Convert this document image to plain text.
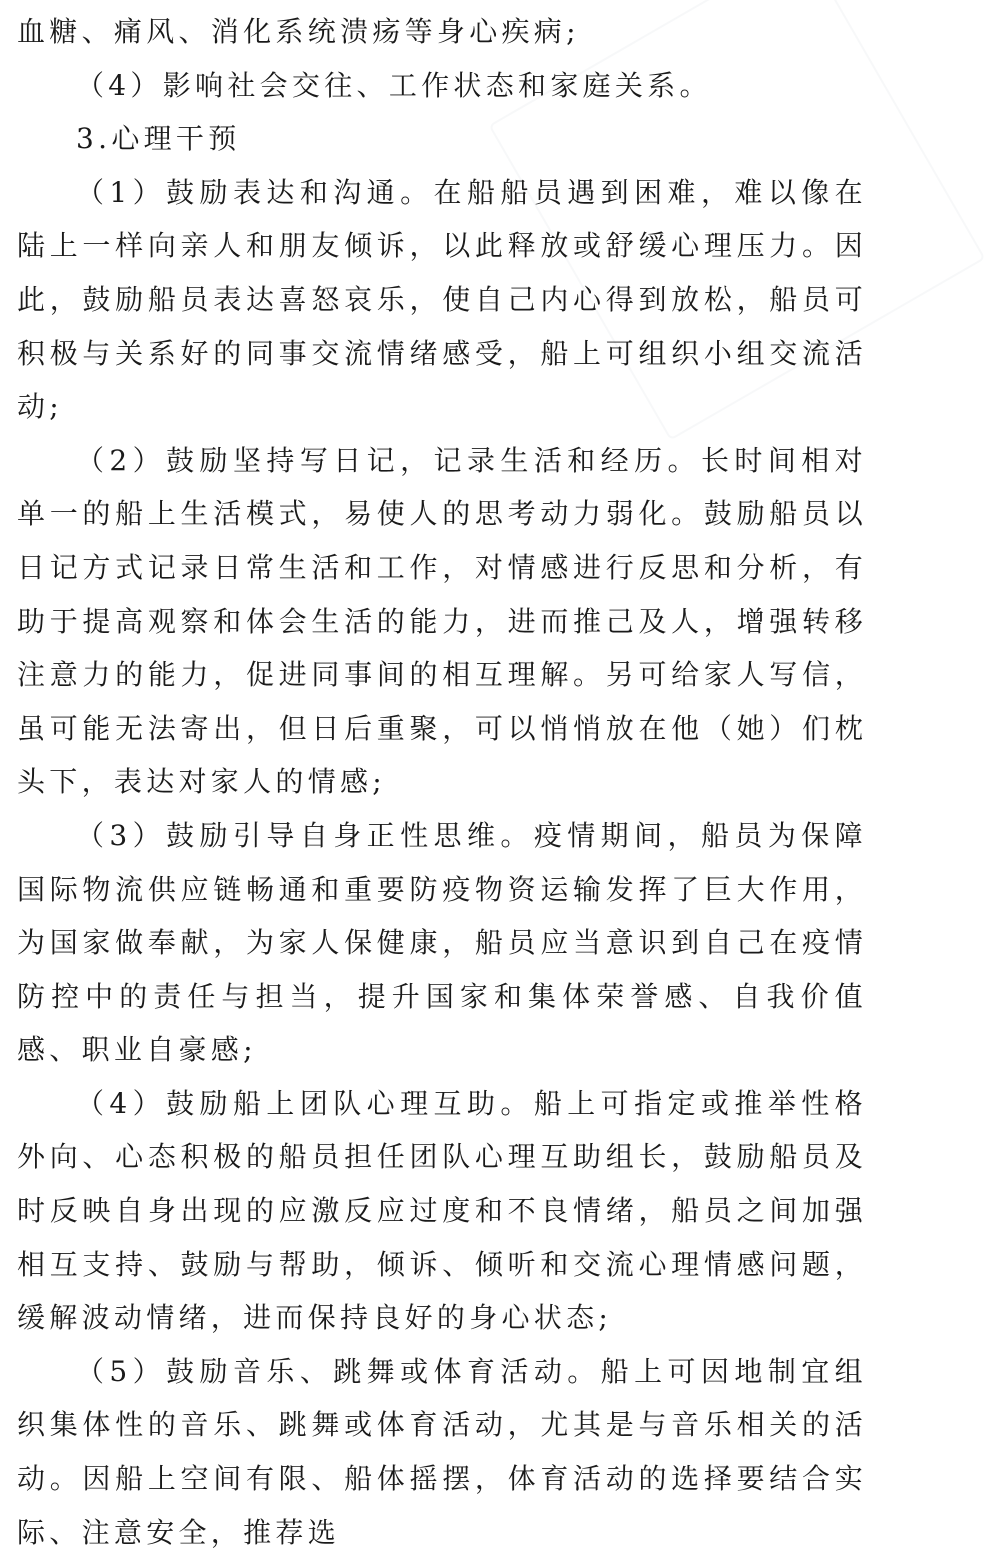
血糖、痛风、消化系统溃疡等身心疾病;

（4）影响社会交往、工作状态和家庭关系。

3.心理干预

（1）鼓励表达和沟通。在船船员遇到困难，难以像在陆上一样向亲人和朋友倾诉，以此释放或舒缓心理压力。因此，鼓励船员表达喜怒哀乐，使自己内心得到放松，船员可积极与关系好的同事交流情绪感受，船上可组织小组交流活动;

（2）鼓励坚持写日记，记录生活和经历。长时间相对单一的船上生活模式，易使人的思考动力弱化。鼓励船员以日记方式记录日常生活和工作，对情感进行反思和分析，有助于提高观察和体会生活的能力，进而推己及人，增强转移注意力的能力，促进同事间的相互理解。另可给家人写信，虽可能无法寄出，但日后重聚，可以悄悄放在他（她）们枕头下，表达对家人的情感;

（3）鼓励引导自身正性思维。疫情期间，船员为保障国际物流供应链畅通和重要防疫物资运输发挥了巨大作用，为国家做奉献，为家人保健康，船员应当意识到自己在疫情防控中的责任与担当，提升国家和集体荣誉感、自我价值感、职业自豪感;

（4）鼓励船上团队心理互助。船上可指定或推举性格外向、心态积极的船员担任团队心理互助组长，鼓励船员及时反映自身出现的应激反应过度和不良情绪，船员之间加强相互支持、鼓励与帮助，倾诉、倾听和交流心理情感问题，缓解波动情绪，进而保持良好的身心状态;

（5）鼓励音乐、跳舞或体育活动。船上可因地制宜组织集体性的音乐、跳舞或体育活动，尤其是与音乐相关的活动。因船上空间有限、船体摇摆，体育活动的选择要结合实际、注意安全，推荐选
